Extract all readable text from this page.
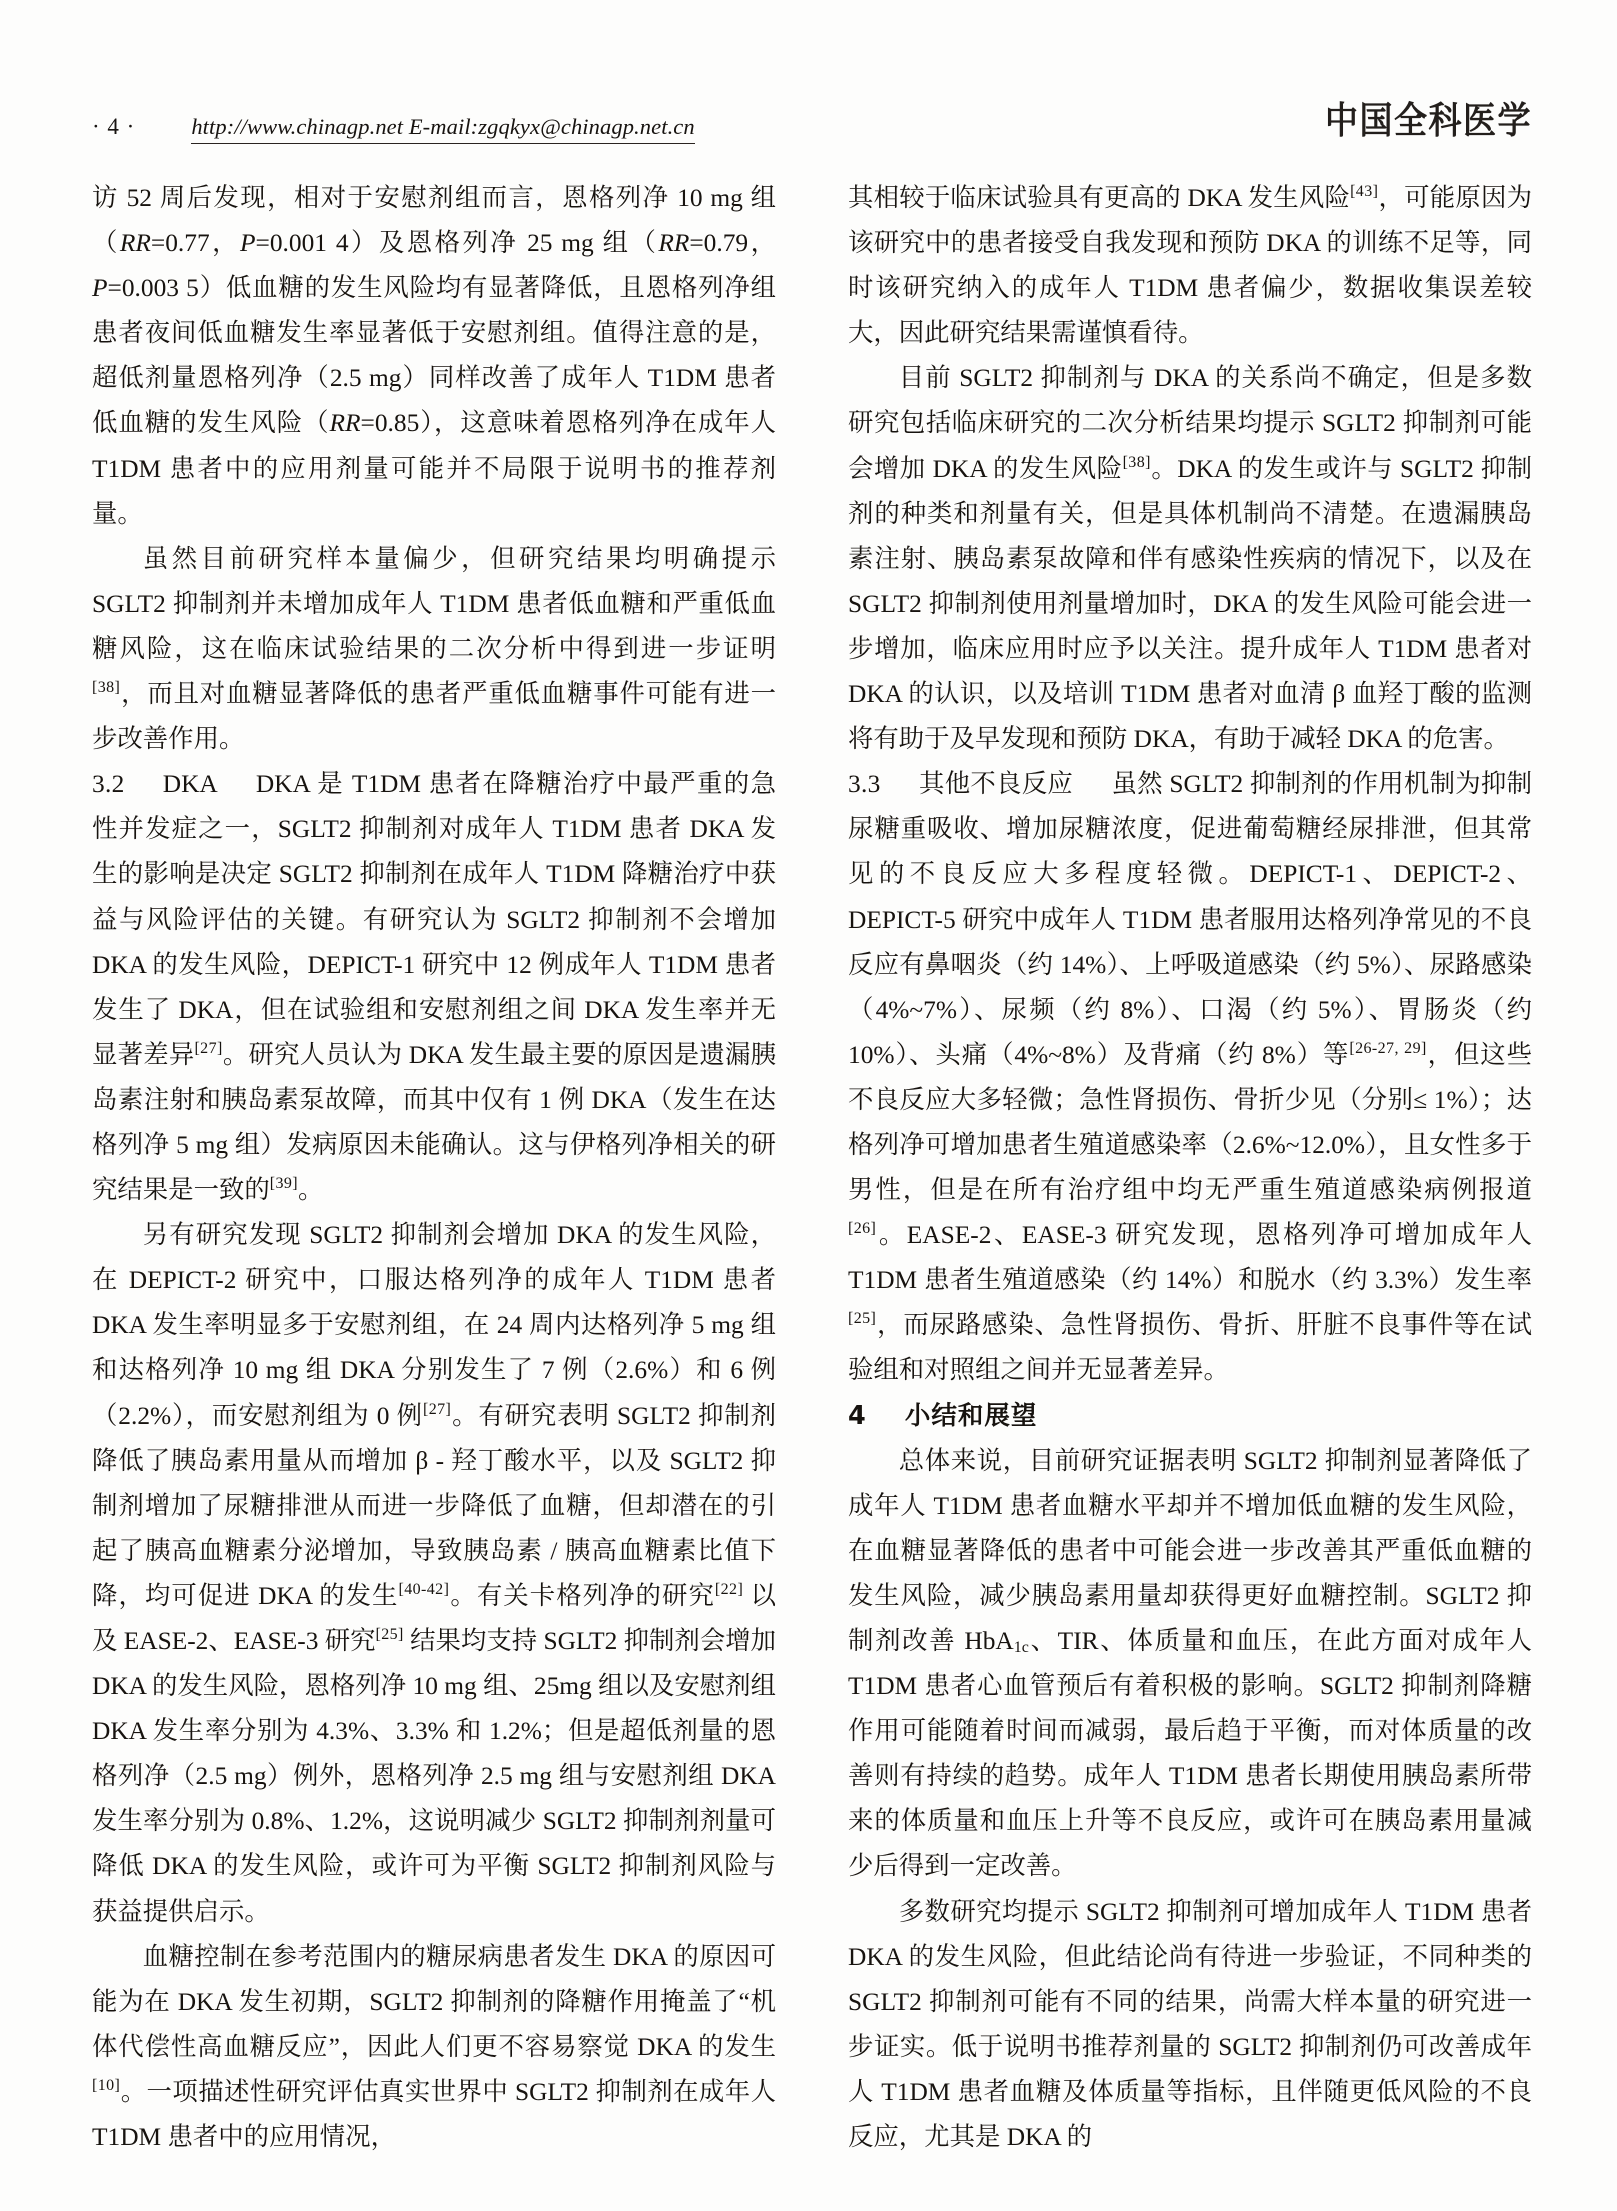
· 4 · http://www.chinagp.net E-mail:zgqkyx@chinagp.net.cn	中国全科医学

访 52 周后发现，相对于安慰剂组而言，恩格列净 10 mg 组（RR=0.77，P=0.001 4）及恩格列净 25 mg 组（RR=0.79，P=0.003 5）低血糖的发生风险均有显著降低，且恩格列净组患者夜间低血糖发生率显著低于安慰剂组。值得注意的是，超低剂量恩格列净（2.5 mg）同样改善了成年人 T1DM 患者低血糖的发生风险（RR=0.85），这意味着恩格列净在成年人 T1DM 患者中的应用剂量可能并不局限于说明书的推荐剂量。

虽然目前研究样本量偏少，但研究结果均明确提示 SGLT2 抑制剂并未增加成年人 T1DM 患者低血糖和严重低血糖风险，这在临床试验结果的二次分析中得到进一步证明[38]，而且对血糖显著降低的患者严重低血糖事件可能有进一步改善作用。

3.2 DKA DKA 是 T1DM 患者在降糖治疗中最严重的急性并发症之一，SGLT2 抑制剂对成年人 T1DM 患者 DKA 发生的影响是决定 SGLT2 抑制剂在成年人 T1DM 降糖治疗中获益与风险评估的关键。有研究认为 SGLT2 抑制剂不会增加 DKA 的发生风险，DEPICT-1 研究中 12 例成年人 T1DM 患者发生了 DKA，但在试验组和安慰剂组之间 DKA 发生率并无显著差异[27]。研究人员认为 DKA 发生最主要的原因是遗漏胰岛素注射和胰岛素泵故障，而其中仅有 1 例 DKA（发生在达格列净 5 mg 组）发病原因未能确认。这与伊格列净相关的研究结果是一致的[39]。

另有研究发现 SGLT2 抑制剂会增加 DKA 的发生风险，在 DEPICT-2 研究中，口服达格列净的成年人 T1DM 患者 DKA 发生率明显多于安慰剂组，在 24 周内达格列净 5 mg 组和达格列净 10 mg 组 DKA 分别发生了 7 例（2.6%）和 6 例（2.2%），而安慰剂组为 0 例[27]。有研究表明 SGLT2 抑制剂降低了胰岛素用量从而增加 β - 羟丁酸水平，以及 SGLT2 抑制剂增加了尿糖排泄从而进一步降低了血糖，但却潜在的引起了胰高血糖素分泌增加，导致胰岛素 / 胰高血糖素比值下降，均可促进 DKA 的发生[40-42]。有关卡格列净的研究[22] 以及 EASE-2、EASE-3 研究[25] 结果均支持 SGLT2 抑制剂会增加 DKA 的发生风险，恩格列净 10 mg 组、25mg 组以及安慰剂组 DKA 发生率分别为 4.3%、3.3% 和 1.2%；但是超低剂量的恩格列净（2.5 mg）例外，恩格列净 2.5 mg 组与安慰剂组 DKA 发生率分别为 0.8%、1.2%，这说明减少 SGLT2 抑制剂剂量可降低 DKA 的发生风险，或许可为平衡 SGLT2 抑制剂风险与获益提供启示。

血糖控制在参考范围内的糖尿病患者发生 DKA 的原因可能为在 DKA 发生初期，SGLT2 抑制剂的降糖作用掩盖了“机体代偿性高血糖反应”，因此人们更不容易察觉 DKA 的发生[10]。一项描述性研究评估真实世界中 SGLT2 抑制剂在成年人 T1DM 患者中的应用情况，

其相较于临床试验具有更高的 DKA 发生风险[43]，可能原因为该研究中的患者接受自我发现和预防 DKA 的训练不足等，同时该研究纳入的成年人 T1DM 患者偏少，数据收集误差较大，因此研究结果需谨慎看待。

目前 SGLT2 抑制剂与 DKA 的关系尚不确定，但是多数研究包括临床研究的二次分析结果均提示 SGLT2 抑制剂可能会增加 DKA 的发生风险[38]。DKA 的发生或许与 SGLT2 抑制剂的种类和剂量有关，但是具体机制尚不清楚。在遗漏胰岛素注射、胰岛素泵故障和伴有感染性疾病的情况下，以及在 SGLT2 抑制剂使用剂量增加时，DKA 的发生风险可能会进一步增加，临床应用时应予以关注。提升成年人 T1DM 患者对 DKA 的认识，以及培训 T1DM 患者对血清 β 血羟丁酸的监测将有助于及早发现和预防 DKA，有助于减轻 DKA 的危害。

3.3 其他不良反应 虽然 SGLT2 抑制剂的作用机制为抑制尿糖重吸收、增加尿糖浓度，促进葡萄糖经尿排泄，但其常见的不良反应大多程度轻微。DEPICT-1、DEPICT-2、DEPICT-5 研究中成年人 T1DM 患者服用达格列净常见的不良反应有鼻咽炎（约 14%）、上呼吸道感染（约 5%）、尿路感染（4%~7%）、尿频（约 8%）、口渴（约 5%）、胃肠炎（约 10%）、头痛（4%~8%）及背痛（约 8%）等[26-27, 29]，但这些不良反应大多轻微；急性肾损伤、骨折少见（分别≤ 1%）；达格列净可增加患者生殖道感染率（2.6%~12.0%），且女性多于男性，但是在所有治疗组中均无严重生殖道感染病例报道[26]。EASE-2、EASE-3 研究发现，恩格列净可增加成年人 T1DM 患者生殖道感染（约 14%）和脱水（约 3.3%）发生率[25]，而尿路感染、急性肾损伤、骨折、肝脏不良事件等在试验组和对照组之间并无显著差异。

4 小结和展望

总体来说，目前研究证据表明 SGLT2 抑制剂显著降低了成年人 T1DM 患者血糖水平却并不增加低血糖的发生风险，在血糖显著降低的患者中可能会进一步改善其严重低血糖的发生风险，减少胰岛素用量却获得更好血糖控制。SGLT2 抑制剂改善 HbA$_{1c}$、TIR、体质量和血压，在此方面对成年人 T1DM 患者心血管预后有着积极的影响。SGLT2 抑制剂降糖作用可能随着时间而减弱，最后趋于平衡，而对体质量的改善则有持续的趋势。成年人 T1DM 患者长期使用胰岛素所带来的体质量和血压上升等不良反应，或许可在胰岛素用量减少后得到一定改善。

多数研究均提示 SGLT2 抑制剂可增加成年人 T1DM 患者 DKA 的发生风险，但此结论尚有待进一步验证，不同种类的 SGLT2 抑制剂可能有不同的结果，尚需大样本量的研究进一步证实。低于说明书推荐剂量的 SGLT2 抑制剂仍可改善成年人 T1DM 患者血糖及体质量等指标，且伴随更低风险的不良反应，尤其是 DKA 的
